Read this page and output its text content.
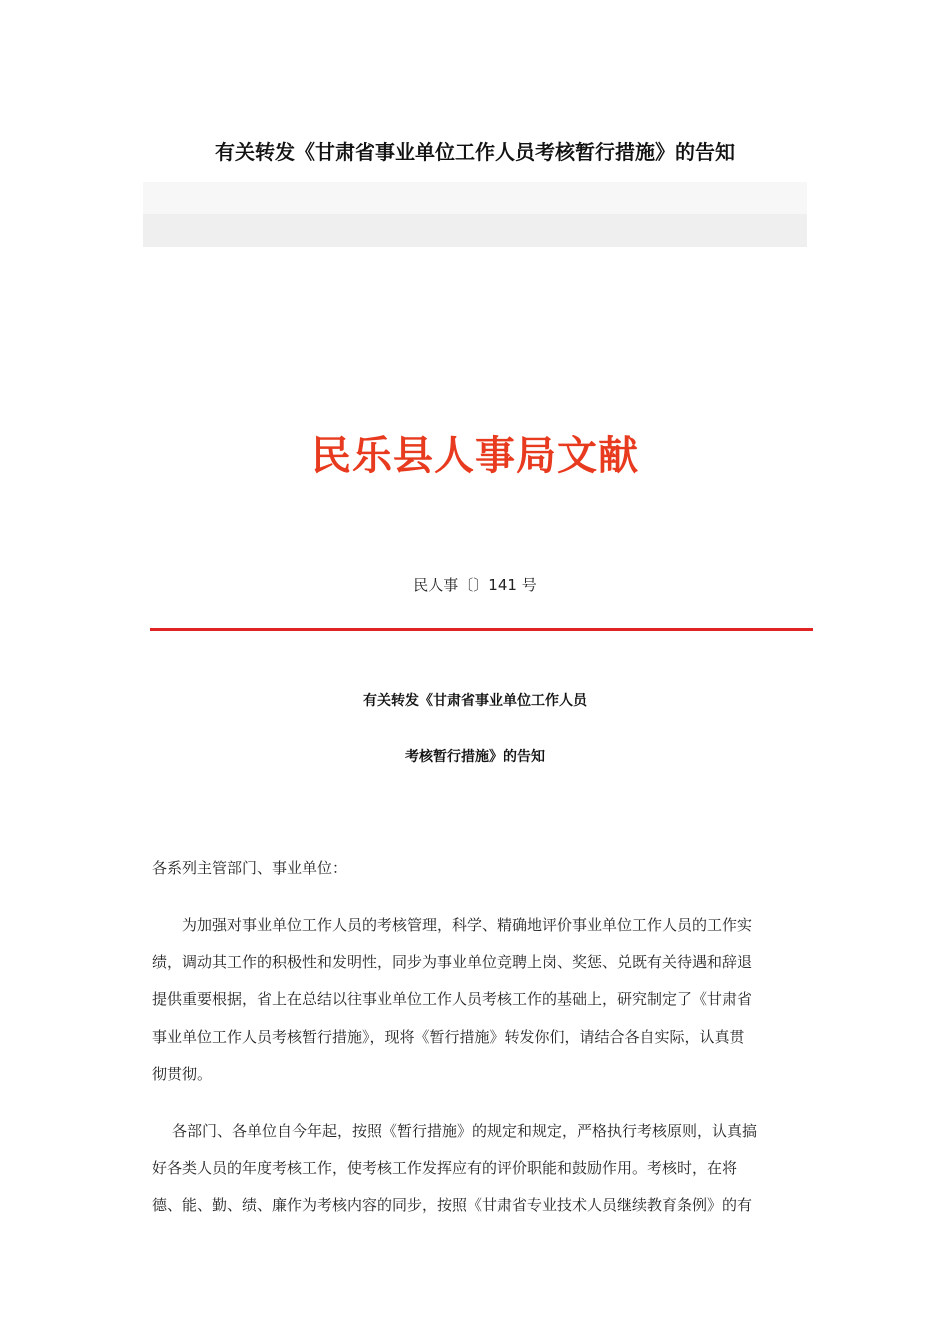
有关转发《甘肃省事业单位工作人员考核暂行措施》的告知
民乐县人事局文献
民人事〔〕141 号
有关转发《甘肃省事业单位工作人员
考核暂行措施》的告知
各系列主管部门、事业单位：
为加强对事业单位工作人员的考核管理，科学、精确地评价事业单位工作人员的工作实
绩，调动其工作的积极性和发明性，同步为事业单位竞聘上岗、奖惩、兑既有关待遇和辞退
提供重要根据，省上在总结以往事业单位工作人员考核工作的基础上，研究制定了《甘肃省
事业单位工作人员考核暂行措施》，现将《暂行措施》转发你们，请结合各自实际，认真贯
彻贯彻。
各部门、各单位自今年起，按照《暂行措施》的规定和规定，严格执行考核原则，认真搞
好各类人员的年度考核工作，使考核工作发挥应有的评价职能和鼓励作用。考核时，在将
德、能、勤、绩、廉作为考核内容的同步，按照《甘肃省专业技术人员继续教育条例》的有
